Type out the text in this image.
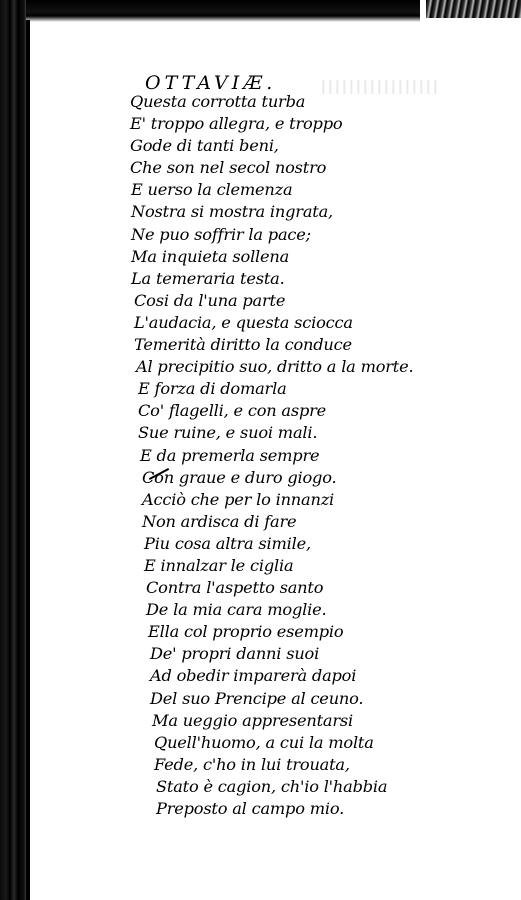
OTTAVIÆ.
Questa corrotta turba
E' troppo allegra, e troppo
Gode di tanti beni,
Che son nel secol nostro
E uerso la clemenza
Nostra si mostra ingrata,
Ne puo soffrir la pace;
Ma inquieta sollena
La temeraria testa.
Cosi da l'una parte
L'audacia, e questa sciocca
Temerità diritto la conduce
Al precipitio suo, dritto a la morte.
E forza di domarla
Co' flagelli, e con aspre
Sue ruine, e suoi mali.
E da premerla sempre
Con graue e duro giogo.
Acciò che per lo innanzi
Non ardisca di fare
Piu cosa altra simile,
E innalzar le ciglia
Contra l'aspetto santo
De la mia cara moglie.
Ella col proprio esempio
De' propri danni suoi
Ad obedir imparerà dapoi
Del suo Prencipe al ceuno.
Ma ueggio appresentarsi
Quell'huomo, a cui la molta
Fede, c'ho in lui trouata,
Stato è cagion, ch'io l'habbia
Preposto al campo mio.
